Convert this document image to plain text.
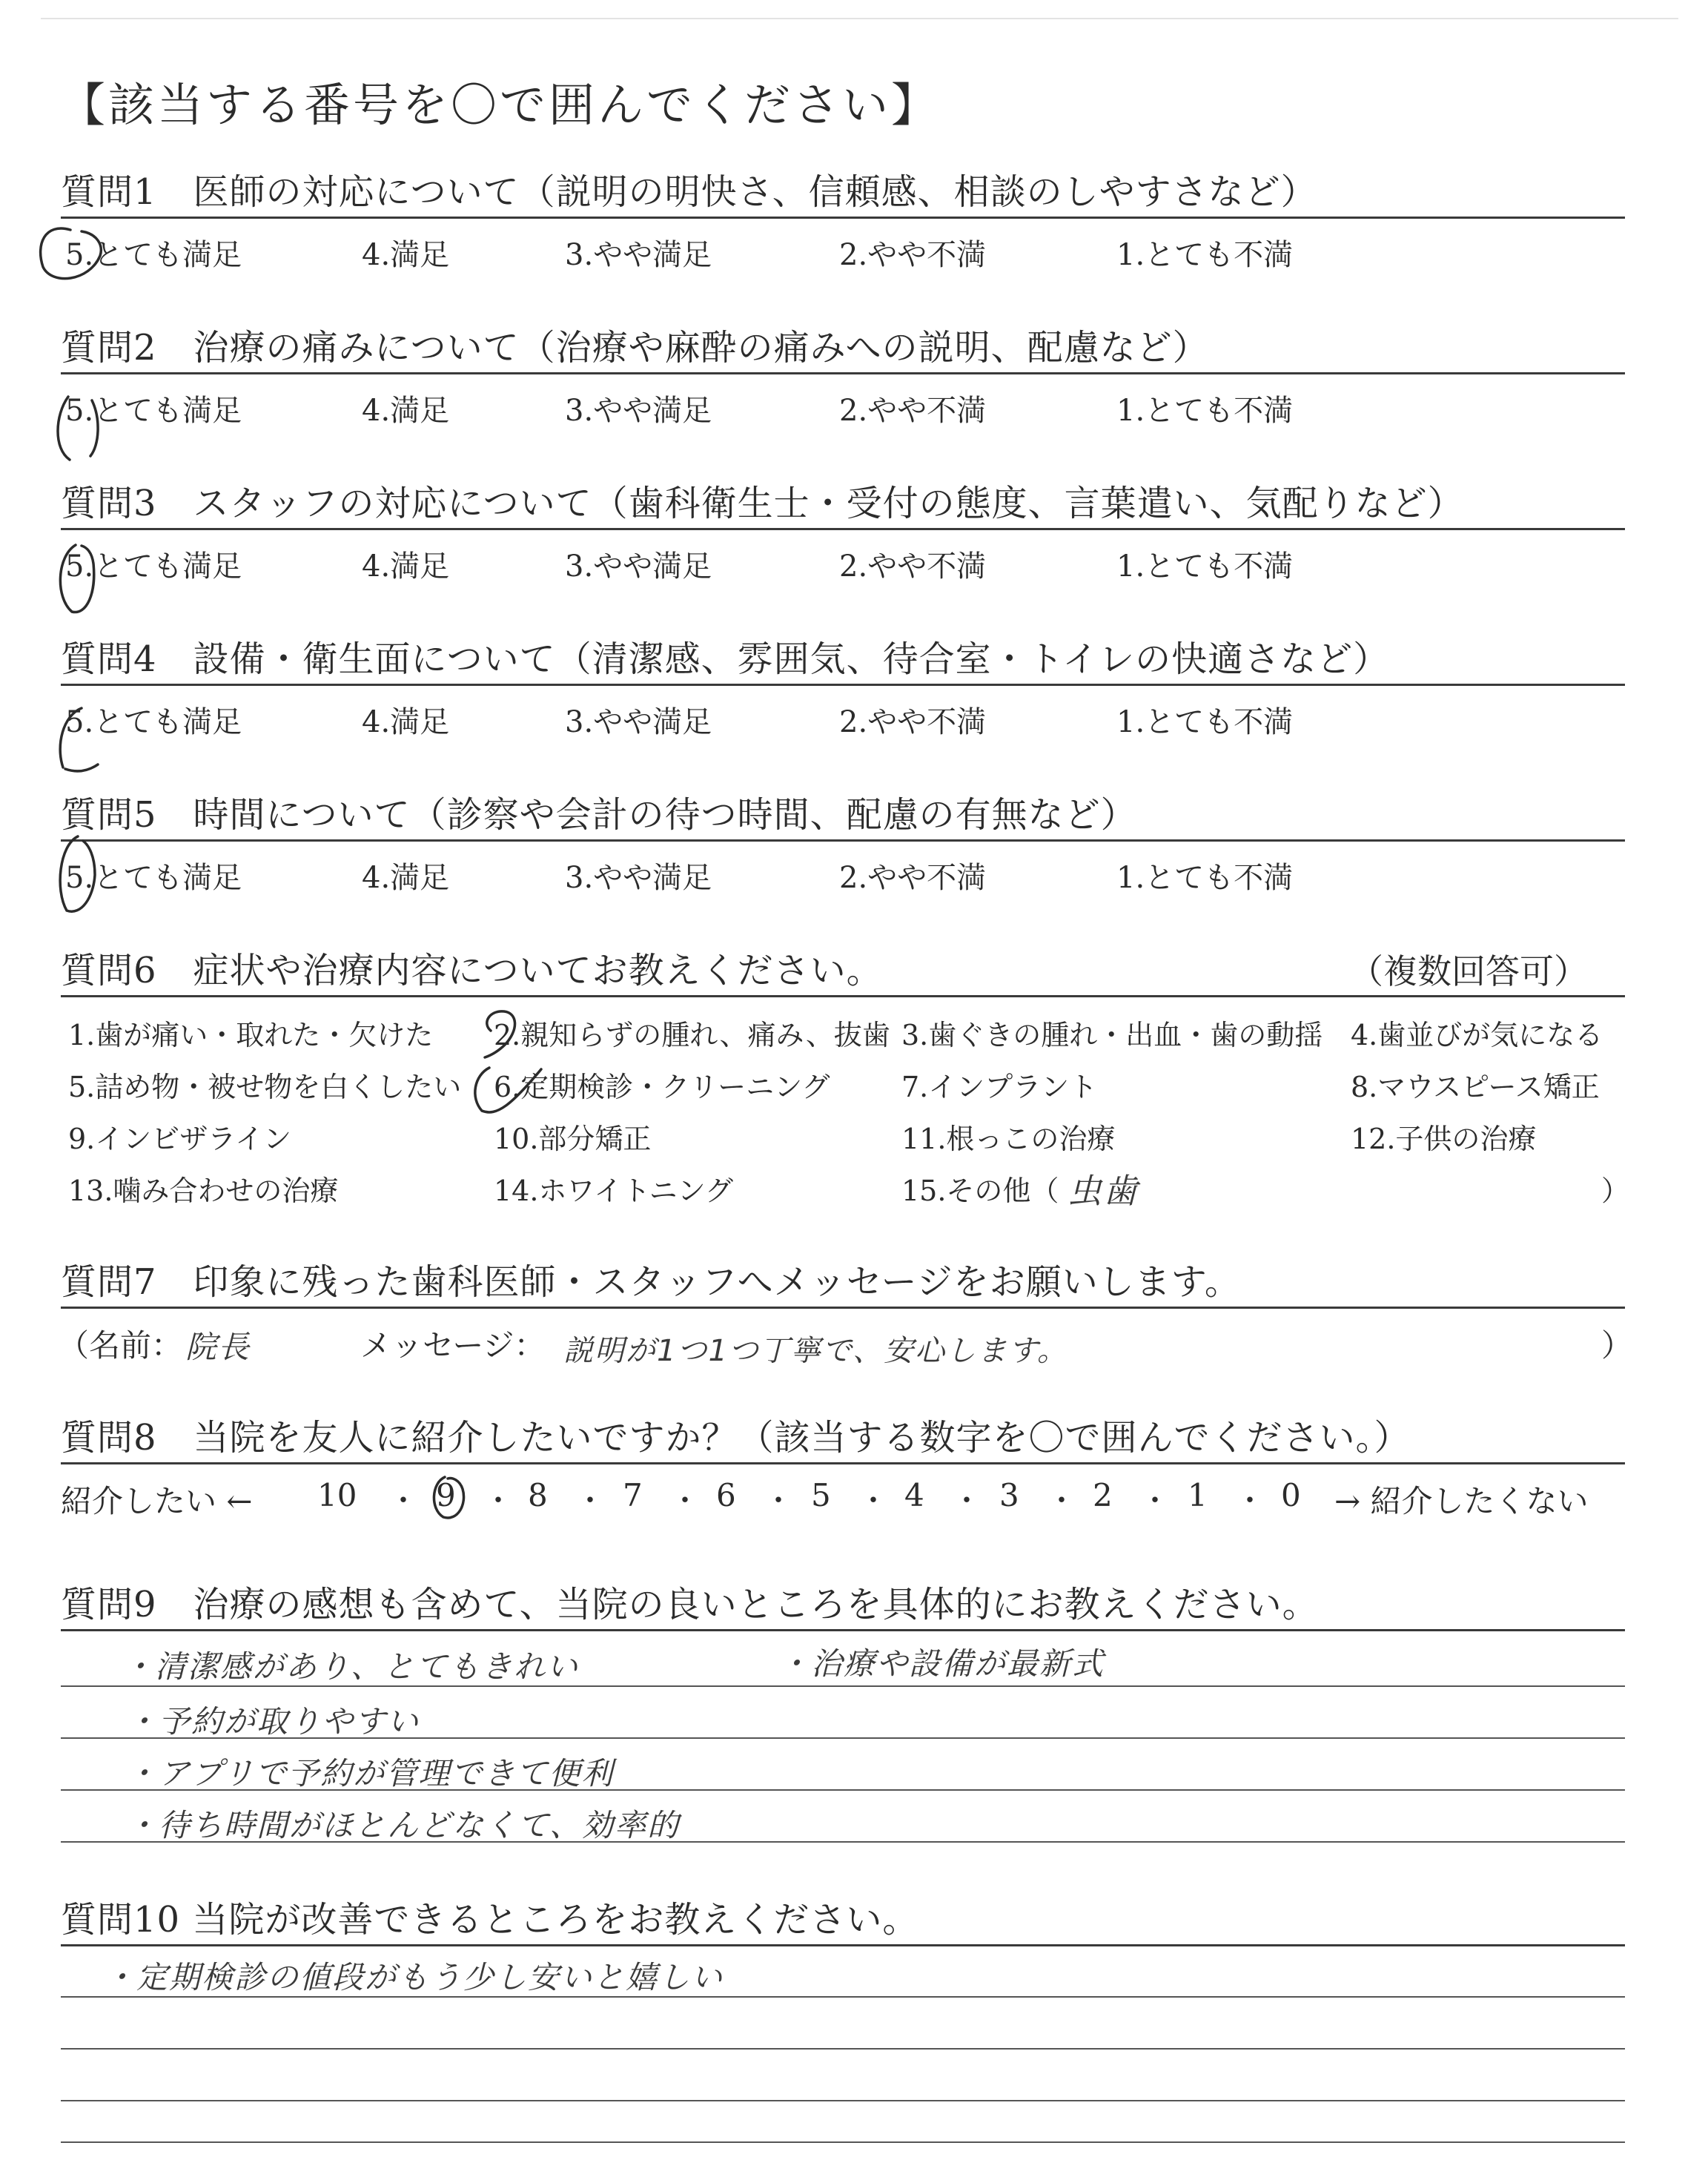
【該当する番号を〇で囲んでください】
質問1　医師の対応について（説明の明快さ、信頼感、相談のしやすさなど）
5.とても満足	4.満足	3.やや満足	2.やや不満	1.とても不満
質問2　治療の痛みについて（治療や麻酔の痛みへの説明、配慮など）
5.とても満足	4.満足	3.やや満足	2.やや不満	1.とても不満
質問3　スタッフの対応について（歯科衛生士・受付の態度、言葉遣い、気配りなど）
5.とても満足	4.満足	3.やや満足	2.やや不満	1.とても不満
質問4　設備・衛生面について（清潔感、雰囲気、待合室・トイレの快適さなど）
5.とても満足	4.満足	3.やや満足	2.やや不満	1.とても不満
質問5　時間について（診察や会計の待つ時間、配慮の有無など）
5.とても満足	4.満足	3.やや満足	2.やや不満	1.とても不満
質問6　症状や治療内容についてお教えください。	（複数回答可）
1.歯が痛い・取れた・欠けた 2.親知らずの腫れ、痛み、抜歯 3.歯ぐきの腫れ・出血・歯の動揺 4.歯並びが気になる
5.詰め物・被せ物を白くしたい 6.定期検診・クリーニング	7.インプラント	8.マウスピース矯正
9.インビザライン	10.部分矯正	11.根っこの治療	12.子供の治療
13.噛み合わせの治療	14.ホワイトニング	15.その他（ 虫歯	）
質問7　印象に残った歯科医師・スタッフへメッセージをお願いします。
（名前： 院長	メッセージ： 説明が1つ1つ丁寧で、安心します。	）
質問8　当院を友人に紹介したいですか？（該当する数字を〇で囲んでください。）
紹介したい ← 10 ・ 9 ・ 8 ・ 7 ・ 6 ・ 5 ・ 4 ・ 3 ・ 2 ・ 1 ・ 0 → 紹介したくない
質問9　治療の感想も含めて、当院の良いところを具体的にお教えください。
・清潔感があり、とてもきれい	・治療や設備が最新式
・予約が取りやすい
・アプリで予約が管理できて便利
・待ち時間がほとんどなくて、効率的
質問10 当院が改善できるところをお教えください。
・定期検診の値段がもう少し安いと嬉しい
